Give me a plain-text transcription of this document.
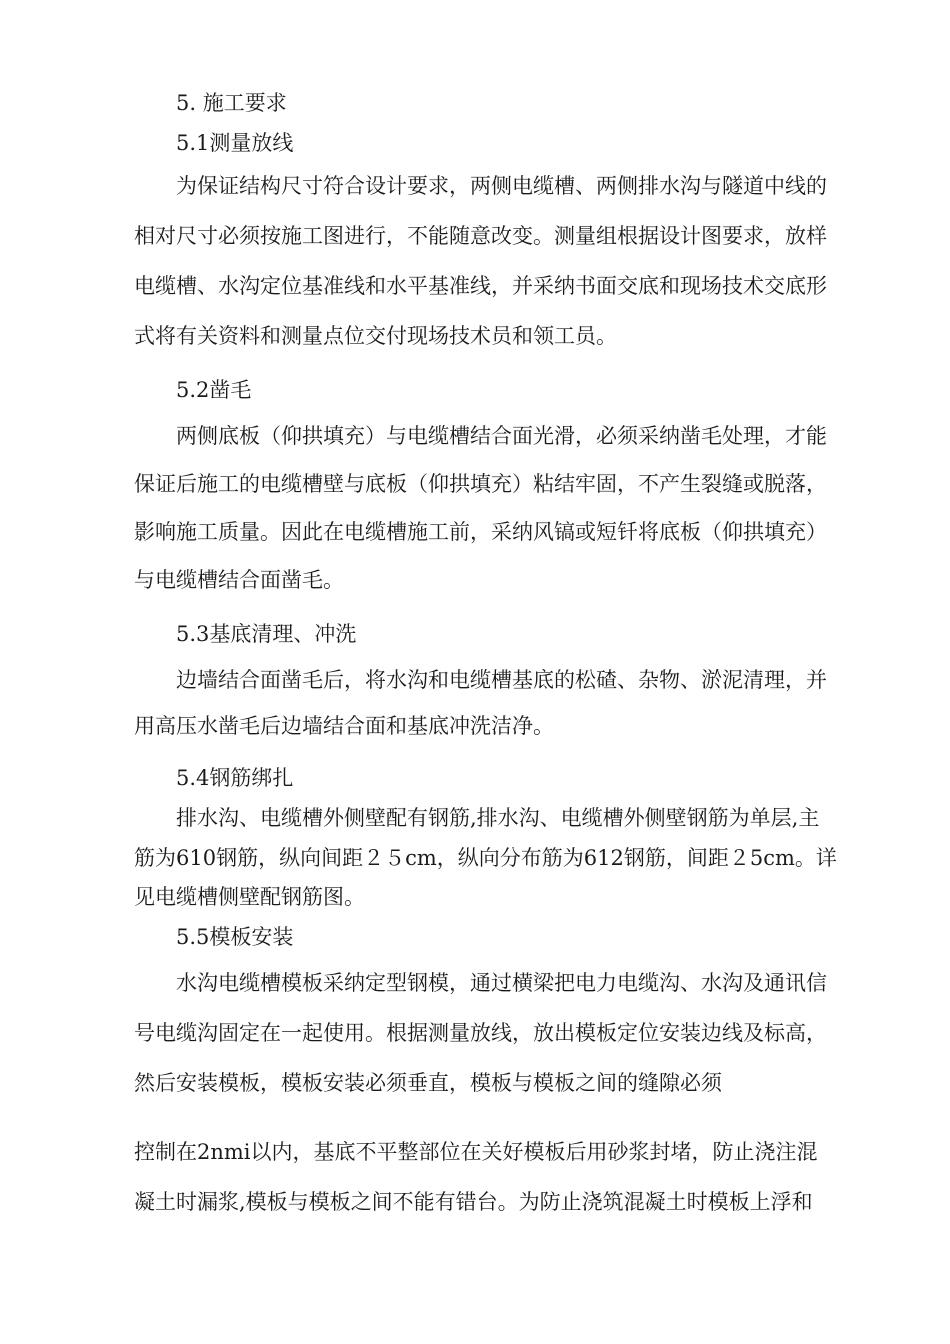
5. 施工要求
5.1测量放线
为保证结构尺寸符合设计要求，两侧电缆槽、两侧排水沟与隧道中线的
相对尺寸必须按施工图进行，不能随意改变。测量组根据设计图要求，放样
电缆槽、水沟定位基准线和水平基准线，并采纳书面交底和现场技术交底形
式将有关资料和测量点位交付现场技术员和领工员。
5.2凿毛
两侧底板（仰拱填充）与电缆槽结合面光滑，必须采纳凿毛处理，才能
保证后施工的电缆槽壁与底板（仰拱填充）粘结牢固，不产生裂缝或脱落，
影响施工质量。因此在电缆槽施工前，采纳风镐或短钎将底板（仰拱填充）
与电缆槽结合面凿毛。
5.3基底清理、冲洗
边墙结合面凿毛后，将水沟和电缆槽基底的松碴、杂物、淤泥清理，并
用高压水凿毛后边墙结合面和基底冲洗洁净。
5.4钢筋绑扎
排水沟、电缆槽外侧壁配有钢筋,排水沟、电缆槽外侧壁钢筋为单层,主
筋为610钢筋，纵向间距２５cm，纵向分布筋为612钢筋，间距２5cm。详
见电缆槽侧壁配钢筋图。
5.5模板安装
水沟电缆槽模板采纳定型钢模，通过横梁把电力电缆沟、水沟及通讯信
号电缆沟固定在一起使用。根据测量放线，放出模板定位安装边线及标高，
然后安装模板，模板安装必须垂直，模板与模板之间的缝隙必须
控制在2nmi以内，基底不平整部位在关好模板后用砂浆封堵，防止浇注混
凝土时漏浆,模板与模板之间不能有错台。为防止浇筑混凝土时模板上浮和
